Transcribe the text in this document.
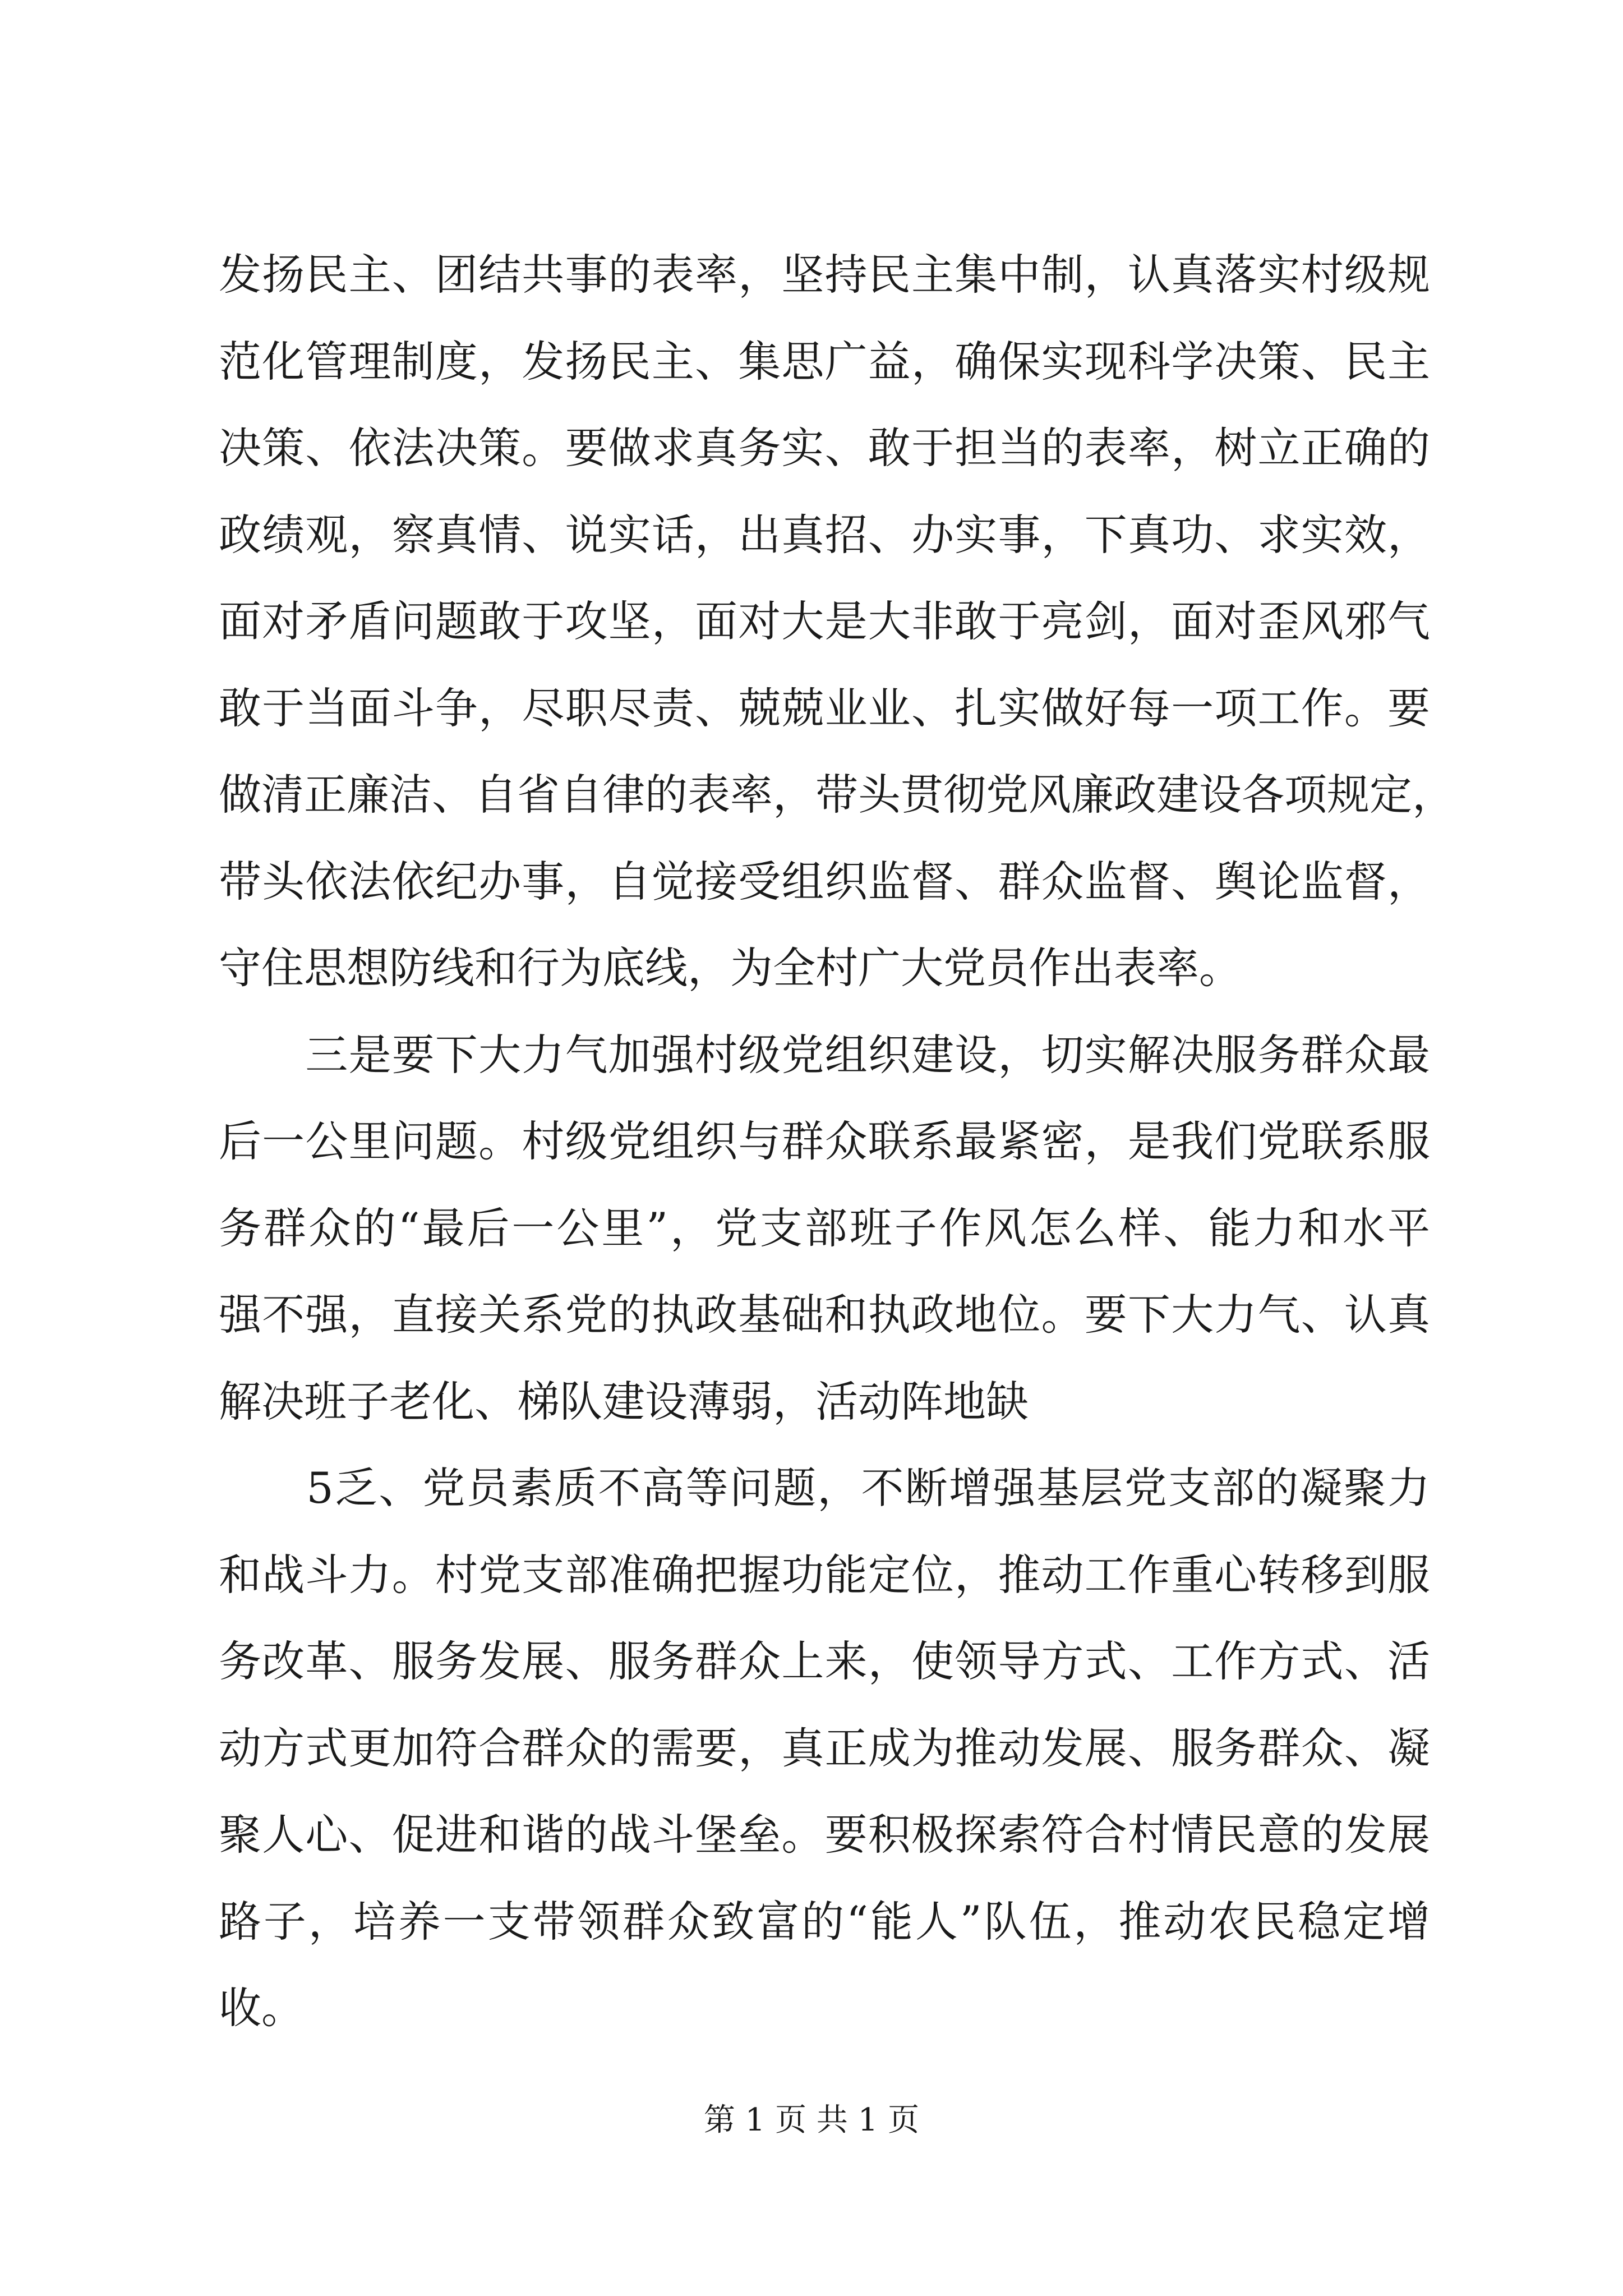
发扬民主、团结共事的表率，坚持民主集中制，认真落实村级规
范化管理制度，发扬民主、集思广益，确保实现科学决策、民主
决策、依法决策。要做求真务实、敢于担当的表率，树立正确的
政绩观，察真情、说实话，出真招、办实事，下真功、求实效，
面对矛盾问题敢于攻坚，面对大是大非敢于亮剑，面对歪风邪气
敢于当面斗争，尽职尽责、兢兢业业、扎实做好每一项工作。要
做清正廉洁、自省自律的表率，带头贯彻党风廉政建设各项规定，
带头依法依纪办事，自觉接受组织监督、群众监督、舆论监督，
守住思想防线和行为底线，为全村广大党员作出表率。
　　三是要下大力气加强村级党组织建设，切实解决服务群众最
后一公里问题。村级党组织与群众联系最紧密，是我们党联系服
务群众的“最后一公里”，党支部班子作风怎么样、能力和水平
强不强，直接关系党的执政基础和执政地位。要下大力气、认真
解决班子老化、梯队建设薄弱，活动阵地缺
　　5乏、党员素质不高等问题，不断增强基层党支部的凝聚力
和战斗力。村党支部准确把握功能定位，推动工作重心转移到服
务改革、服务发展、服务群众上来，使领导方式、工作方式、活
动方式更加符合群众的需要，真正成为推动发展、服务群众、凝
聚人心、促进和谐的战斗堡垒。要积极探索符合村情民意的发展
路子，培养一支带领群众致富的“能人”队伍，推动农民稳定增
收。
第 1 页 共 1 页
